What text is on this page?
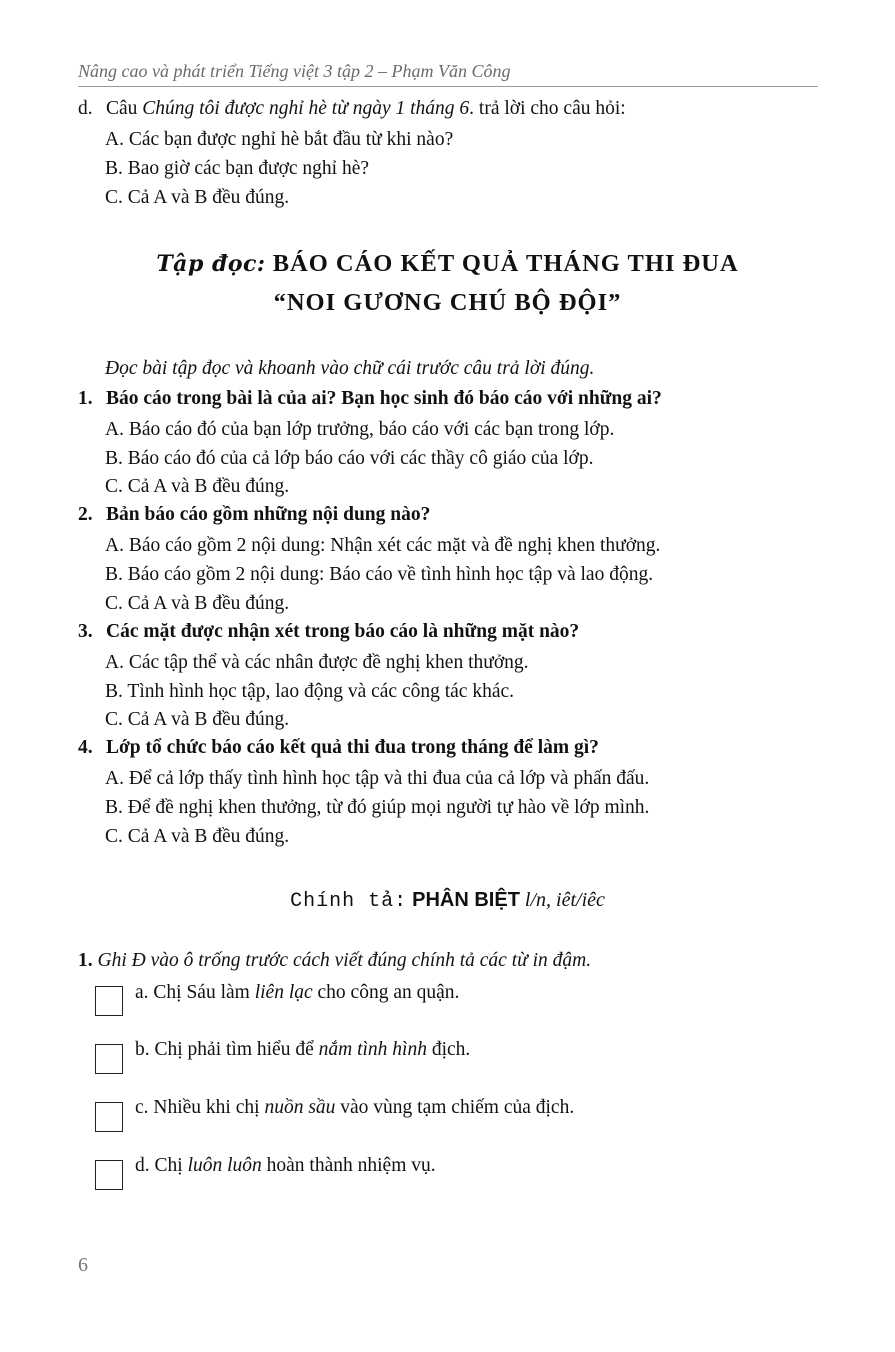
Nâng cao và phát triển Tiếng việt 3 tập 2 – Phạm Văn Công
d. Câu Chúng tôi được nghỉ hè từ ngày 1 tháng 6. trả lời cho câu hỏi:
A. Các bạn được nghỉ hè bắt đầu từ khi nào?
B. Bao giờ các bạn được nghỉ hè?
C. Cả A và B đều đúng.
Tập đọc: BÁO CÁO KẾT QUẢ THÁNG THI ĐUA
“NOI GƯƠNG CHÚ BỘ ĐỘI”
Đọc bài tập đọc và khoanh vào chữ cái trước câu trả lời đúng.
1. Báo cáo trong bài là của ai? Bạn học sinh đó báo cáo với những ai?
A. Báo cáo đó của bạn lớp trưởng, báo cáo với các bạn trong lớp.
B. Báo cáo đó của cả lớp báo cáo với các thầy cô giáo của lớp.
C. Cả A và B đều đúng.
2. Bản báo cáo gồm những nội dung nào?
A. Báo cáo gồm 2 nội dung: Nhận xét các mặt và đề nghị khen thưởng.
B. Báo cáo gồm 2 nội dung: Báo cáo về tình hình học tập và lao động.
C. Cả A và B đều đúng.
3. Các mặt được nhận xét trong báo cáo là những mặt nào?
A. Các tập thể và các nhân được đề nghị khen thưởng.
B. Tình hình học tập, lao động và các công tác khác.
C. Cả A và B đều đúng.
4. Lớp tổ chức báo cáo kết quả thi đua trong tháng để làm gì?
A. Để cả lớp thấy tình hình học tập và thi đua của cả lớp và phấn đấu.
B. Để đề nghị khen thưởng, từ đó giúp mọi người tự hào về lớp mình.
C. Cả A và B đều đúng.
Chính tả: PHÂN BIỆT l/n, iêt/iêc
1. Ghi Đ vào ô trống trước cách viết đúng chính tả các từ in đậm.
a. Chị Sáu làm liên lạc cho công an quận.
b. Chị phải tìm hiểu để nắm tình hình địch.
c. Nhiều khi chị nuồn sầu vào vùng tạm chiếm của địch.
d. Chị luôn luôn hoàn thành nhiệm vụ.
6
